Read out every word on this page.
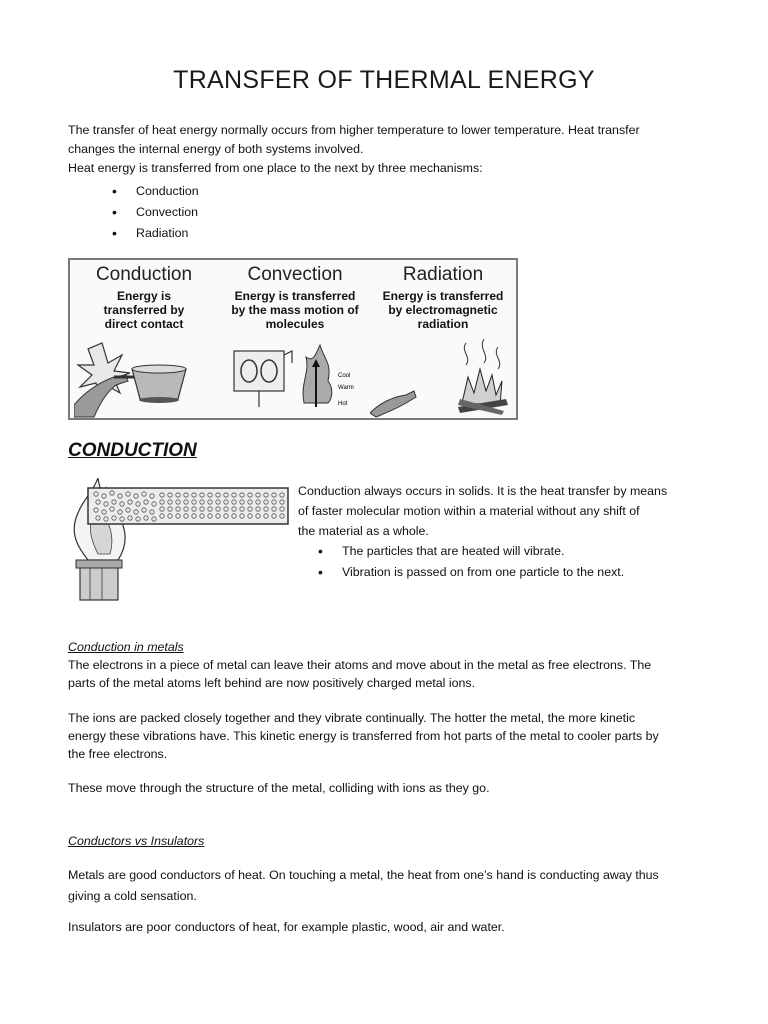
TRANSFER OF THERMAL ENERGY
The transfer of heat energy normally occurs from higher temperature to lower temperature. Heat transfer
changes the internal energy of both systems involved.
Heat energy is transferred from one place to the next by three mechanisms:
• Conduction
• Convection
• Radiation
Conduction
Energy is
transferred by
direct contact
Convection
Energy is transferred
by the mass motion of
molecules
Cool
Warm
Hot
Radiation
Energy is transferred
by electromagnetic
radiation
CONDUCTION
Conduction always occurs in solids. It is the heat transfer by means
of faster molecular motion within a material without any shift of
the material as a whole.
• The particles that are heated will vibrate.
• Vibration is passed on from one particle to the next.
Conduction in metals
The electrons in a piece of metal can leave their atoms and move about in the metal as free electrons. The
parts of the metal atoms left behind are now positively charged metal ions.
The ions are packed closely together and they vibrate continually. The hotter the metal, the more kinetic
energy these vibrations have. This kinetic energy is transferred from hot parts of the metal to cooler parts by
the free electrons.
These move through the structure of the metal, colliding with ions as they go.
Conductors vs Insulators
Metals are good conductors of heat. On touching a metal, the heat from one’s hand is conducting away thus
giving a cold sensation.
Insulators are poor conductors of heat, for example plastic, wood, air and water.
